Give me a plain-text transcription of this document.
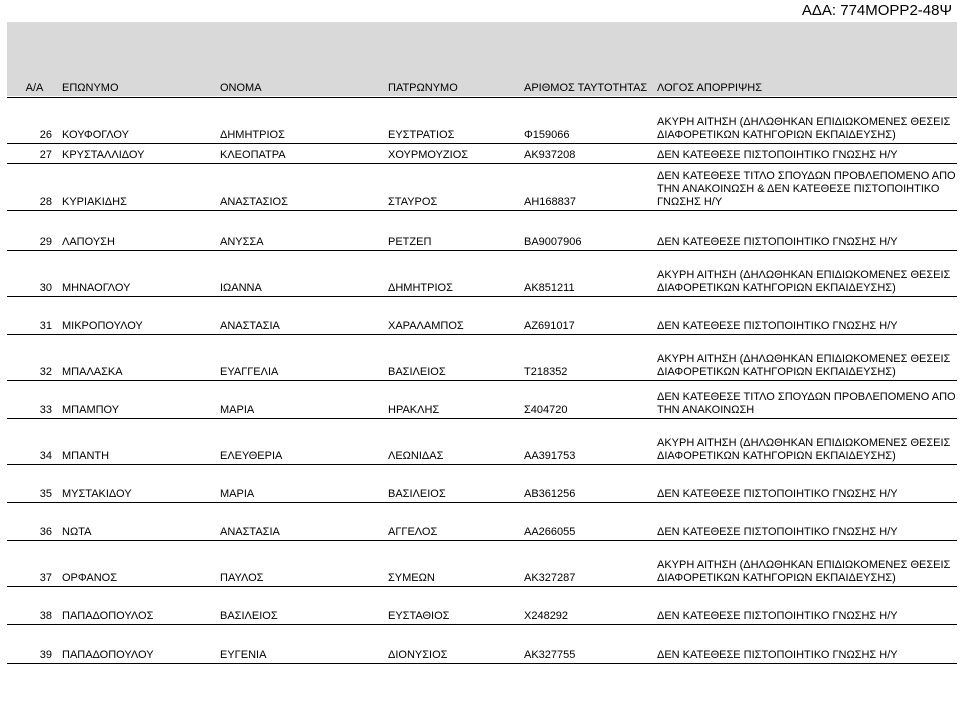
ΑΔΑ: 774ΜΟΡΡ2-48Ψ
Α/Α	ΕΠΩΝΥΜΟ	ΟΝΟΜΑ	ΠΑΤΡΩΝΥΜΟ	ΑΡΙΘΜΟΣ ΤΑΥΤΟΤΗΤΑΣ	ΛΟΓΟΣ ΑΠΟΡΡΙΨΗΣ
26	ΚΟΥΦΟΓΛΟΥ	ΔΗΜΗΤΡΙΟΣ	ΕΥΣΤΡΑΤΙΟΣ	Φ159066	ΑΚΥΡΗ ΑΙΤΗΣΗ (ΔΗΛΩΘΗΚΑΝ ΕΠΙΔΙΩΚΟΜΕΝΕΣ ΘΕΣΕΙΣ ΔΙΑΦΟΡΕΤΙΚΩΝ ΚΑΤΗΓΟΡΙΩΝ ΕΚΠΑΙΔΕΥΣΗΣ)
27	ΚΡΥΣΤΑΛΛΙΔΟΥ	ΚΛΕΟΠΑΤΡΑ	ΧΟΥΡΜΟΥΖΙΟΣ	ΑΚ937208	ΔΕΝ ΚΑΤΕΘΕΣΕ ΠΙΣΤΟΠΟΙΗΤΙΚΟ ΓΝΩΣΗΣ Η/Υ
28	ΚΥΡΙΑΚΙΔΗΣ	ΑΝΑΣΤΑΣΙΟΣ	ΣΤΑΥΡΟΣ	ΑΗ168837	ΔΕΝ ΚΑΤΕΘΕΣΕ ΤΙΤΛΟ ΣΠΟΥΔΩΝ ΠΡΟΒΛΕΠΟΜΕΝΟ ΑΠΟ ΤΗΝ ΑΝΑΚΟΙΝΩΣΗ & ΔΕΝ ΚΑΤΕΘΕΣΕ ΠΙΣΤΟΠΟΙΗΤΙΚΟ ΓΝΩΣΗΣ Η/Υ
29	ΛΑΠΟΥΣΗ	ΑΝΥΣΣΑ	ΡΕΤΖΕΠ	ΒΑ9007906	ΔΕΝ ΚΑΤΕΘΕΣΕ ΠΙΣΤΟΠΟΙΗΤΙΚΟ ΓΝΩΣΗΣ Η/Υ
30	ΜΗΝΑΟΓΛΟΥ	ΙΩΑΝΝΑ	ΔΗΜΗΤΡΙΟΣ	ΑΚ851211	ΑΚΥΡΗ ΑΙΤΗΣΗ (ΔΗΛΩΘΗΚΑΝ ΕΠΙΔΙΩΚΟΜΕΝΕΣ ΘΕΣΕΙΣ ΔΙΑΦΟΡΕΤΙΚΩΝ ΚΑΤΗΓΟΡΙΩΝ ΕΚΠΑΙΔΕΥΣΗΣ)
31	ΜΙΚΡΟΠΟΥΛΟΥ	ΑΝΑΣΤΑΣΙΑ	ΧΑΡΑΛΑΜΠΟΣ	ΑΖ691017	ΔΕΝ ΚΑΤΕΘΕΣΕ ΠΙΣΤΟΠΟΙΗΤΙΚΟ ΓΝΩΣΗΣ Η/Υ
32	ΜΠΑΛΑΣΚΑ	ΕΥΑΓΓΕΛΙΑ	ΒΑΣΙΛΕΙΟΣ	Τ218352	ΑΚΥΡΗ ΑΙΤΗΣΗ (ΔΗΛΩΘΗΚΑΝ ΕΠΙΔΙΩΚΟΜΕΝΕΣ ΘΕΣΕΙΣ ΔΙΑΦΟΡΕΤΙΚΩΝ ΚΑΤΗΓΟΡΙΩΝ ΕΚΠΑΙΔΕΥΣΗΣ)
33	ΜΠΑΜΠΟΥ	ΜΑΡΙΑ	ΗΡΑΚΛΗΣ	Σ404720	ΔΕΝ ΚΑΤΕΘΕΣΕ ΤΙΤΛΟ ΣΠΟΥΔΩΝ ΠΡΟΒΛΕΠΟΜΕΝΟ ΑΠΟ ΤΗΝ ΑΝΑΚΟΙΝΩΣΗ
34	ΜΠΑΝΤΗ	ΕΛΕΥΘΕΡΙΑ	ΛΕΩΝΙΔΑΣ	ΑΑ391753	ΑΚΥΡΗ ΑΙΤΗΣΗ (ΔΗΛΩΘΗΚΑΝ ΕΠΙΔΙΩΚΟΜΕΝΕΣ ΘΕΣΕΙΣ ΔΙΑΦΟΡΕΤΙΚΩΝ ΚΑΤΗΓΟΡΙΩΝ ΕΚΠΑΙΔΕΥΣΗΣ)
35	ΜΥΣΤΑΚΙΔΟΥ	ΜΑΡΙΑ	ΒΑΣΙΛΕΙΟΣ	ΑΒ361256	ΔΕΝ ΚΑΤΕΘΕΣΕ ΠΙΣΤΟΠΟΙΗΤΙΚΟ ΓΝΩΣΗΣ Η/Υ
36	ΝΩΤΑ	ΑΝΑΣΤΑΣΙΑ	ΑΓΓΕΛΟΣ	ΑΑ266055	ΔΕΝ ΚΑΤΕΘΕΣΕ ΠΙΣΤΟΠΟΙΗΤΙΚΟ ΓΝΩΣΗΣ Η/Υ
37	ΟΡΦΑΝΟΣ	ΠΑΥΛΟΣ	ΣΥΜΕΩΝ	ΑΚ327287	ΑΚΥΡΗ ΑΙΤΗΣΗ (ΔΗΛΩΘΗΚΑΝ ΕΠΙΔΙΩΚΟΜΕΝΕΣ ΘΕΣΕΙΣ ΔΙΑΦΟΡΕΤΙΚΩΝ ΚΑΤΗΓΟΡΙΩΝ ΕΚΠΑΙΔΕΥΣΗΣ)
38	ΠΑΠΑΔΟΠΟΥΛΟΣ	ΒΑΣΙΛΕΙΟΣ	ΕΥΣΤΑΘΙΟΣ	Χ248292	ΔΕΝ ΚΑΤΕΘΕΣΕ ΠΙΣΤΟΠΟΙΗΤΙΚΟ ΓΝΩΣΗΣ Η/Υ
39	ΠΑΠΑΔΟΠΟΥΛΟΥ	ΕΥΓΕΝΙΑ	ΔΙΟΝΥΣΙΟΣ	ΑΚ327755	ΔΕΝ ΚΑΤΕΘΕΣΕ ΠΙΣΤΟΠΟΙΗΤΙΚΟ ΓΝΩΣΗΣ Η/Υ
